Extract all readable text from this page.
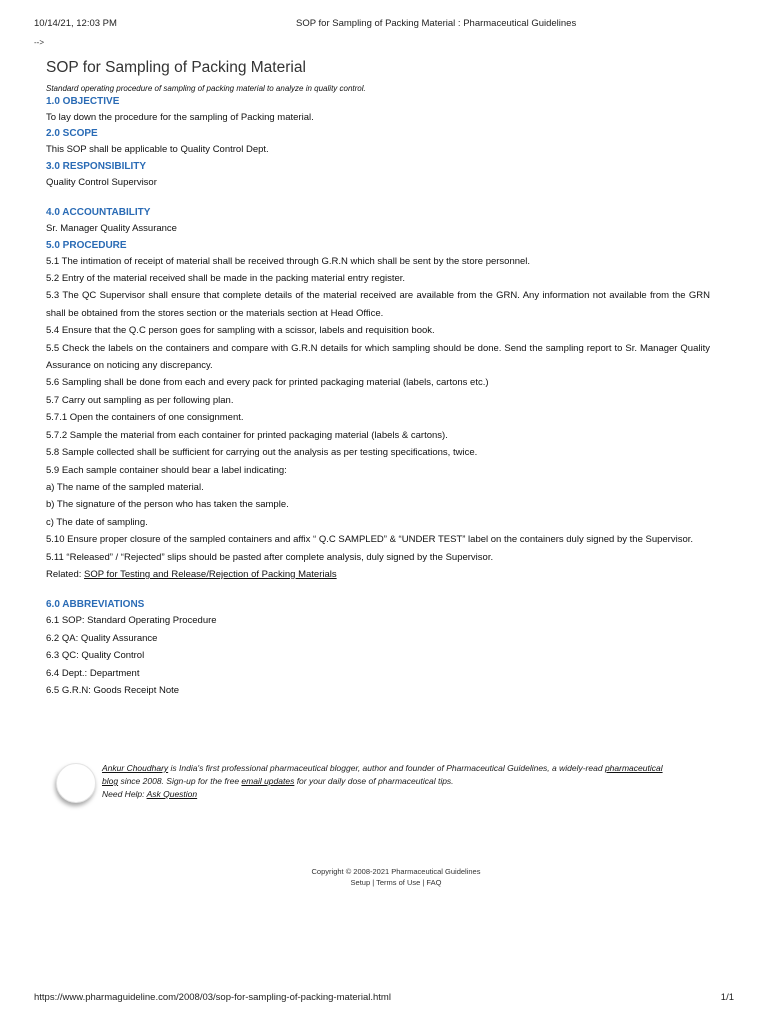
10/14/21, 12:03 PM	SOP for Sampling of Packing Material : Pharmaceutical Guidelines
-->
SOP for Sampling of Packing Material
Standard operating procedure of sampling of packing material to analyze in quality control.
1.0 OBJECTIVE
To lay down the procedure for the sampling of Packing material.
2.0 SCOPE
This SOP shall be applicable to Quality Control Dept.
3.0 RESPONSIBILITY
Quality Control Supervisor
4.0 ACCOUNTABILITY
Sr. Manager Quality Assurance
5.0 PROCEDURE
5.1 The intimation of receipt of material shall be received through G.R.N which shall be sent by the store personnel.
5.2 Entry of the material received shall be made in the packing material entry register.
5.3 The QC Supervisor shall ensure that complete details of the material received are available from the GRN. Any information not available from the GRN shall be obtained from the stores section or the materials section at Head Office.
5.4 Ensure that the Q.C person goes for sampling with a scissor, labels and requisition book.
5.5 Check the labels on the containers and compare with G.R.N details for which sampling should be done. Send the sampling report to Sr. Manager Quality Assurance on noticing any discrepancy.
5.6 Sampling shall be done from each and every pack for printed packaging material (labels, cartons etc.)
5.7 Carry out sampling as per following plan.
5.7.1 Open the containers of one consignment.
5.7.2 Sample the material from each container for printed packaging material (labels & cartons).
5.8 Sample collected shall be sufficient for carrying out the analysis as per testing specifications, twice.
5.9 Each sample container should bear a label indicating:
a) The name of the sampled material.
b) The signature of the person who has taken the sample.
c) The date of sampling.
5.10 Ensure proper closure of the sampled containers and affix “ Q.C SAMPLED” & “UNDER TEST” label on the containers duly signed by the Supervisor.
5.11 “Released” / “Rejected” slips should be pasted after complete analysis, duly signed by the Supervisor.
Related: SOP for Testing and Release/Rejection of Packing Materials
6.0 ABBREVIATIONS
6.1 SOP: Standard Operating Procedure
6.2 QA: Quality Assurance
6.3 QC: Quality Control
6.4 Dept.: Department
6.5 G.R.N: Goods Receipt Note
Ankur Choudhary is India's first professional pharmaceutical blogger, author and founder of Pharmaceutical Guidelines, a widely-read pharmaceutical blog since 2008. Sign-up for the free email updates for your daily dose of pharmaceutical tips.
Need Help: Ask Question
Copyright © 2008-2021 Pharmaceutical Guidelines
Setup | Terms of Use | FAQ
https://www.pharmaguideline.com/2008/03/sop-for-sampling-of-packing-material.html	1/1
